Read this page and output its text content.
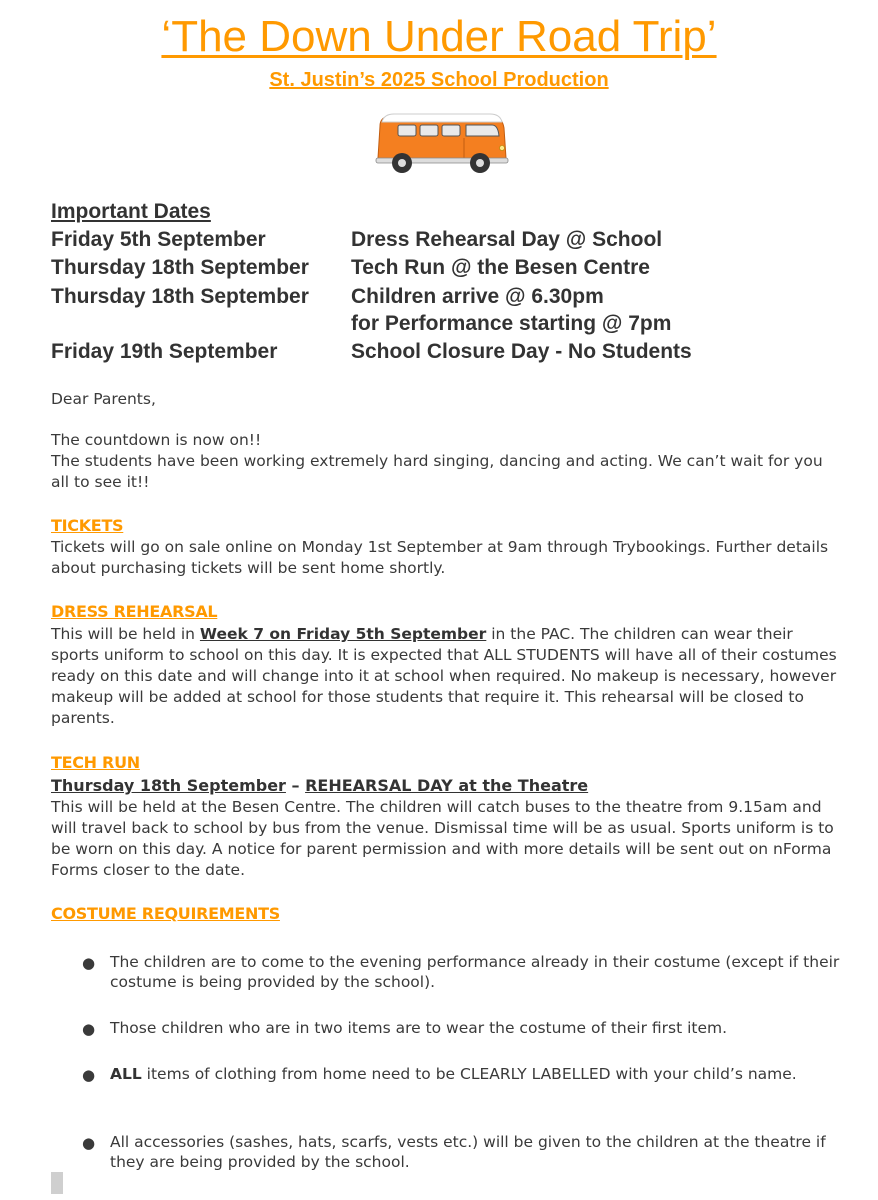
‘The Down Under Road Trip’
St. Justin’s 2025 School Production
Important Dates
Friday 5th September	Dress Rehearsal Day @ School
Thursday 18th September Tech Run @ the Besen Centre
Thursday 18th September Children arrive @ 6.30pm
for Performance starting @ 7pm
Friday 19th September	School Closure Day - No Students
Dear Parents,
The countdown is now on!!
The students have been working extremely hard singing, dancing and acting. We can’t wait for you all to see it!!
TICKETS
Tickets will go on sale online on Monday 1st September at 9am through Trybookings. Further details about purchasing tickets will be sent home shortly.
DRESS REHEARSAL
This will be held in Week 7 on Friday 5th September in the PAC. The children can wear their sports uniform to school on this day. It is expected that ALL STUDENTS will have all of their costumes ready on this date and will change into it at school when required. No makeup is necessary, however makeup will be added at school for those students that require it. This rehearsal will be closed to parents.
TECH RUN
Thursday 18th September – REHEARSAL DAY at the Theatre
This will be held at the Besen Centre. The children will catch buses to the theatre from 9.15am and will travel back to school by bus from the venue. Dismissal time will be as usual. Sports uniform is to be worn on this day. A notice for parent permission and with more details will be sent out on nForma Forms closer to the date.
COSTUME REQUIREMENTS
● The children are to come to the evening performance already in their costume (except if their costume is being provided by the school).
● Those children who are in two items are to wear the costume of their first item.
● ALL items of clothing from home need to be CLEARLY LABELLED with your child’s name.
● All accessories (sashes, hats, scarfs, vests etc.) will be given to the children at the theatre if they are being provided by the school.
